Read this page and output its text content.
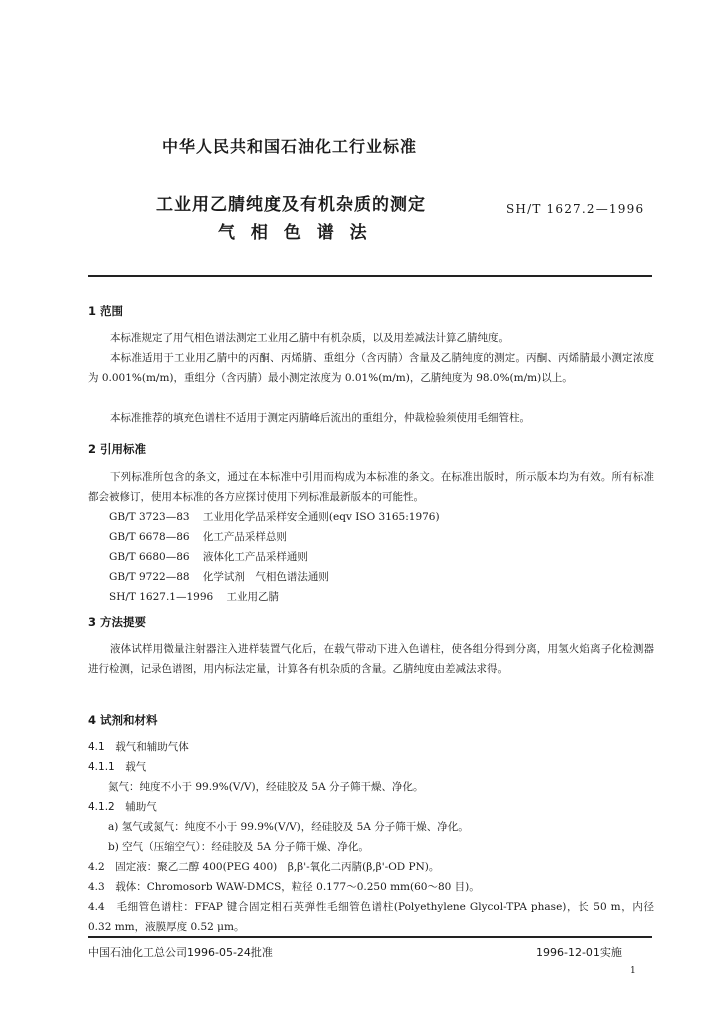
中华人民共和国石油化工行业标准
工业用乙腈纯度及有机杂质的测定
气 相 色 谱 法
SH/T 1627.2—1996
1 范围
本标准规定了用气相色谱法测定工业用乙腈中有机杂质，以及用差减法计算乙腈纯度。
本标准适用于工业用乙腈中的丙酮、丙烯腈、重组分（含丙腈）含量及乙腈纯度的测定。丙酮、丙烯腈最小测定浓度为 0.001%(m/m)，重组分（含丙腈）最小测定浓度为 0.01%(m/m)，乙腈纯度为 98.0%(m/m)以上。
本标准推荐的填充色谱柱不适用于测定丙腈峰后流出的重组分，仲裁检验须使用毛细管柱。
2 引用标准
下列标准所包含的条文，通过在本标准中引用而构成为本标准的条文。在标准出版时，所示版本均为有效。所有标准都会被修订，使用本标准的各方应探讨使用下列标准最新版本的可能性。
GB/T 3723—83 工业用化学品采样安全通则(eqv ISO 3165:1976)
GB/T 6678—86 化工产品采样总则
GB/T 6680—86 液体化工产品采样通则
GB/T 9722—88 化学试剂　气相色谱法通则
SH/T 1627.1—1996 工业用乙腈
3 方法提要
液体试样用微量注射器注入进样装置气化后，在载气带动下进入色谱柱，使各组分得到分离，用氢火焰离子化检测器进行检测，记录色谱图，用内标法定量，计算各有机杂质的含量。乙腈纯度由差减法求得。
4 试剂和材料
4.1　载气和辅助气体
4.1.1　载气
氮气：纯度不小于 99.9%(V/V)，经硅胶及 5A 分子筛干燥、净化。
4.1.2　辅助气
a) 氢气或氮气：纯度不小于 99.9%(V/V)，经硅胶及 5A 分子筛干燥、净化。
b) 空气（压缩空气）：经硅胶及 5A 分子筛干燥、净化。
4.2　固定液：聚乙二醇 400(PEG 400)　β,β'-氧化二丙腈(β,β'-OD PN)。
4.3　载体：Chromosorb WAW-DMCS，粒径 0.177～0.250 mm(60～80 目)。
4.4　毛细管色谱柱：FFAP 键合固定相石英弹性毛细管色谱柱(Polyethylene Glycol-TPA phase)，长 50 m，内径 0.32 mm，液膜厚度 0.52 μm。
中国石油化工总公司1996-05-24批准	1996-12-01实施
1
